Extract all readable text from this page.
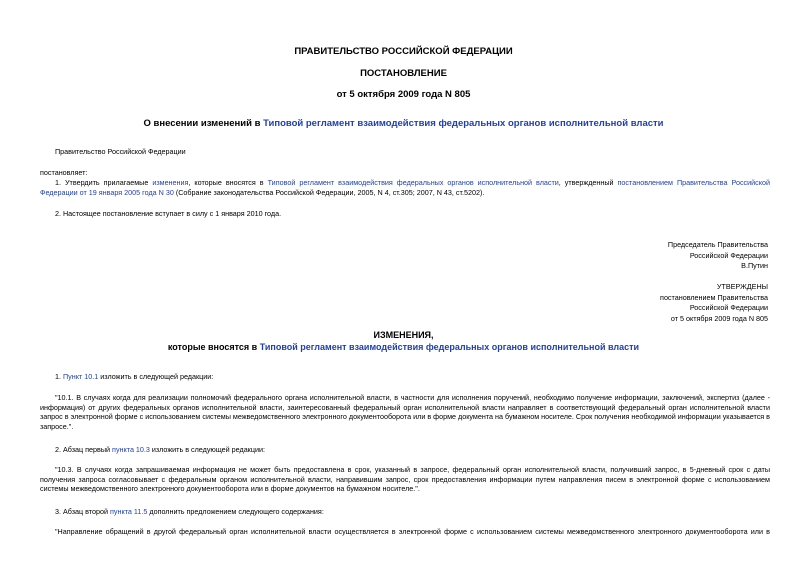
ПРАВИТЕЛЬСТВО РОССИЙСКОЙ ФЕДЕРАЦИИ
ПОСТАНОВЛЕНИЕ
от 5 октября 2009 года N 805
О внесении изменений в Типовой регламент взаимодействия федеральных органов исполнительной власти
Правительство Российской Федерации
постановляет:
1. Утвердить прилагаемые изменения, которые вносятся в Типовой регламент взаимодействия федеральных органов исполнительной власти, утвержденный постановлением Правительства Российской Федерации от 19 января 2005 года N 30 (Собрание законодательства Российской Федерации, 2005, N 4, ст.305; 2007, N 43, ст.5202).
2. Настоящее постановление вступает в силу с 1 января 2010 года.
Председатель Правительства
Российской Федерации
В.Путин
УТВЕРЖДЕНЫ
постановлением Правительства
Российской Федерации
от 5 октября 2009 года N 805
ИЗМЕНЕНИЯ,
которые вносятся в Типовой регламент взаимодействия федеральных органов исполнительной власти
1. Пункт 10.1 изложить в следующей редакции:
"10.1. В случаях когда для реализации полномочий федерального органа исполнительной власти, в частности для исполнения поручений, необходимо получение информации, заключений, экспертиз (далее - информация) от других федеральных органов исполнительной власти, заинтересованный федеральный орган исполнительной власти направляет в соответствующий федеральный орган исполнительной власти запрос в электронной форме с использованием системы межведомственного электронного документооборота или в форме документа на бумажном носителе. Срок получения необходимой информации указывается в запросе.".
2. Абзац первый пункта 10.3 изложить в следующей редакции:
"10.3. В случаях когда запрашиваемая информация не может быть предоставлена в срок, указанный в запросе, федеральный орган исполнительной власти, получивший запрос, в 5-дневный срок с даты получения запроса согласовывает с федеральным органом исполнительной власти, направившим запрос, срок предоставления информации путем направления писем в электронной форме с использованием системы межведомственного электронного документооборота или в форме документов на бумажном носителе.".
3. Абзац второй пункта 11.5 дополнить предложением следующего содержания:
"Направление обращений в другой федеральный орган исполнительной власти осуществляется в электронной форме с использованием системы межведомственного электронного документооборота или в
